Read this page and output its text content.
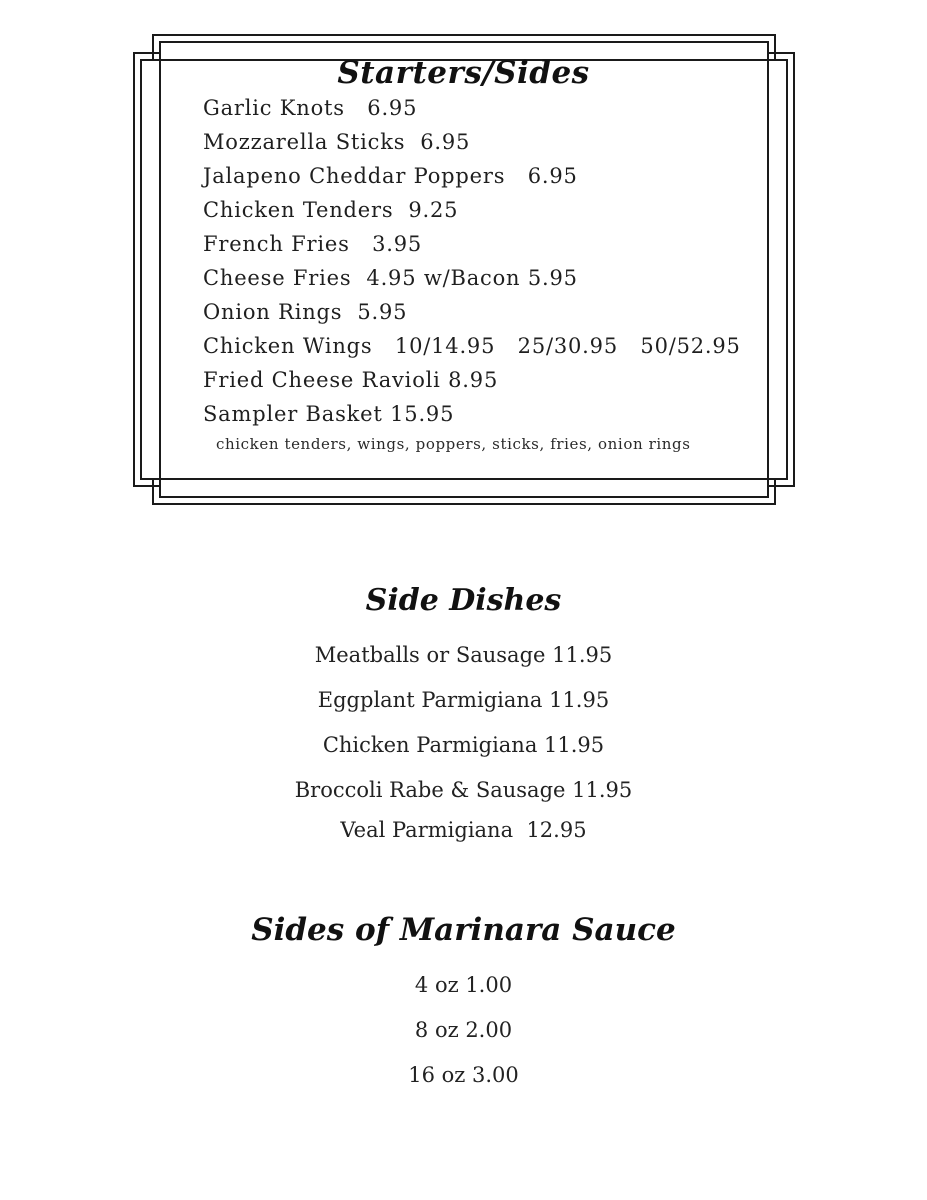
Starters/Sides
Garlic Knots   6.95
Mozzarella Sticks  6.95
Jalapeno Cheddar Poppers   6.95
Chicken Tenders  9.25
French Fries   3.95
Cheese Fries  4.95 w/Bacon 5.95
Onion Rings  5.95
Chicken Wings   10/14.95   25/30.95   50/52.95
Fried Cheese Ravioli 8.95
Sampler Basket 15.95
chicken tenders, wings, poppers, sticks, fries, onion rings
Side Dishes
Meatballs or Sausage 11.95
Eggplant Parmigiana 11.95
Chicken Parmigiana 11.95
Broccoli Rabe & Sausage 11.95
Veal Parmigiana  12.95
Sides of Marinara Sauce
4 oz 1.00
8 oz 2.00
16 oz 3.00
